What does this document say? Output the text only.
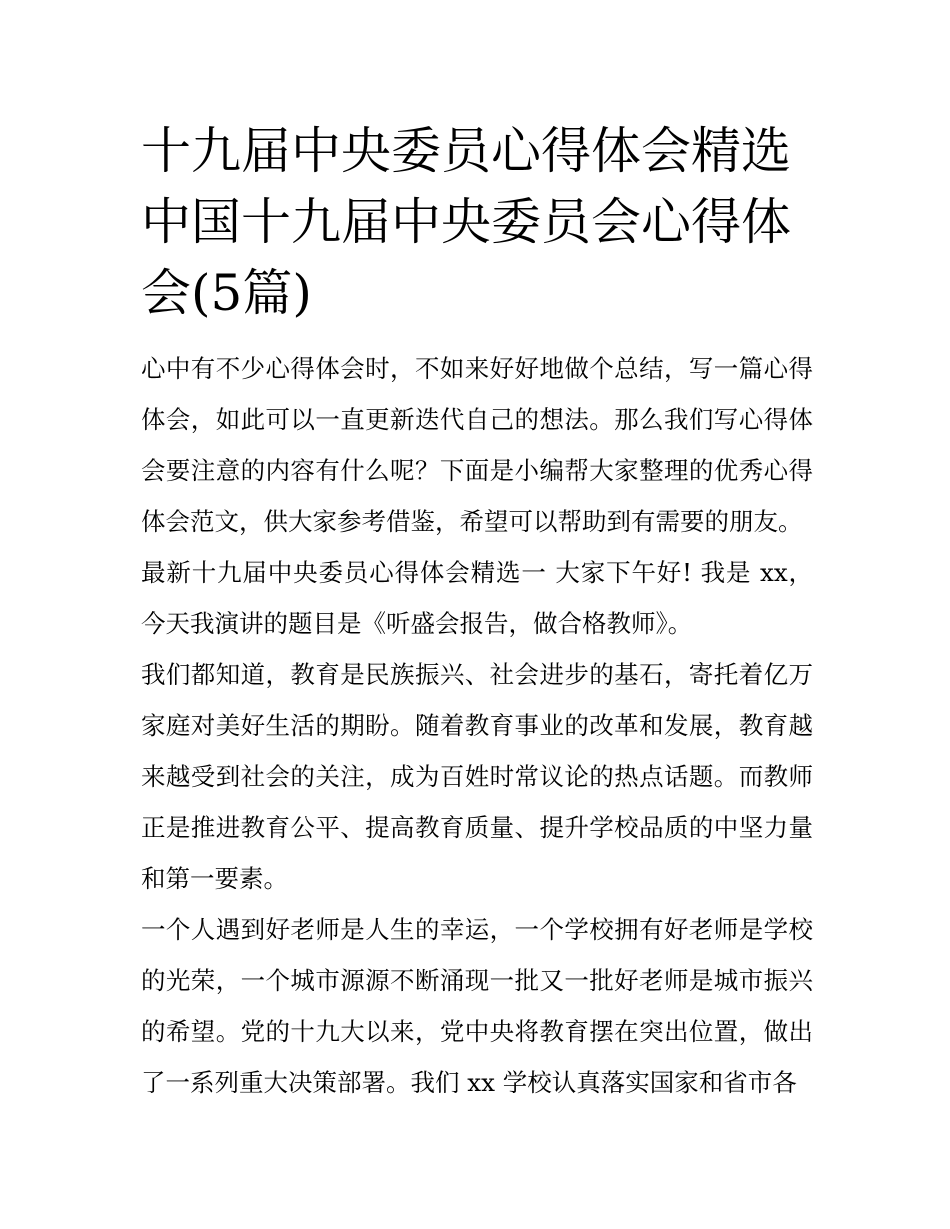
十九届中央委员心得体会精选中国十九届中央委员会心得体会(5篇)

心中有不少心得体会时，不如来好好地做个总结，写一篇心得体会，如此可以一直更新迭代自己的想法。那么我们写心得体会要注意的内容有什么呢？下面是小编帮大家整理的优秀心得体会范文，供大家参考借鉴，希望可以帮助到有需要的朋友。

最新十九届中央委员心得体会精选一 大家下午好! 我是 xx，今天我演讲的题目是《听盛会报告，做合格教师》。

我们都知道，教育是民族振兴、社会进步的基石，寄托着亿万家庭对美好生活的期盼。随着教育事业的改革和发展，教育越来越受到社会的关注，成为百姓时常议论的热点话题。而教师正是推进教育公平、提高教育质量、提升学校品质的中坚力量和第一要素。

一个人遇到好老师是人生的幸运，一个学校拥有好老师是学校的光荣，一个城市源源不断涌现一批又一批好老师是城市振兴的希望。党的十九大以来，党中央将教育摆在突出位置，做出了一系列重大决策部署。我们 xx 学校认真落实国家和省市各
